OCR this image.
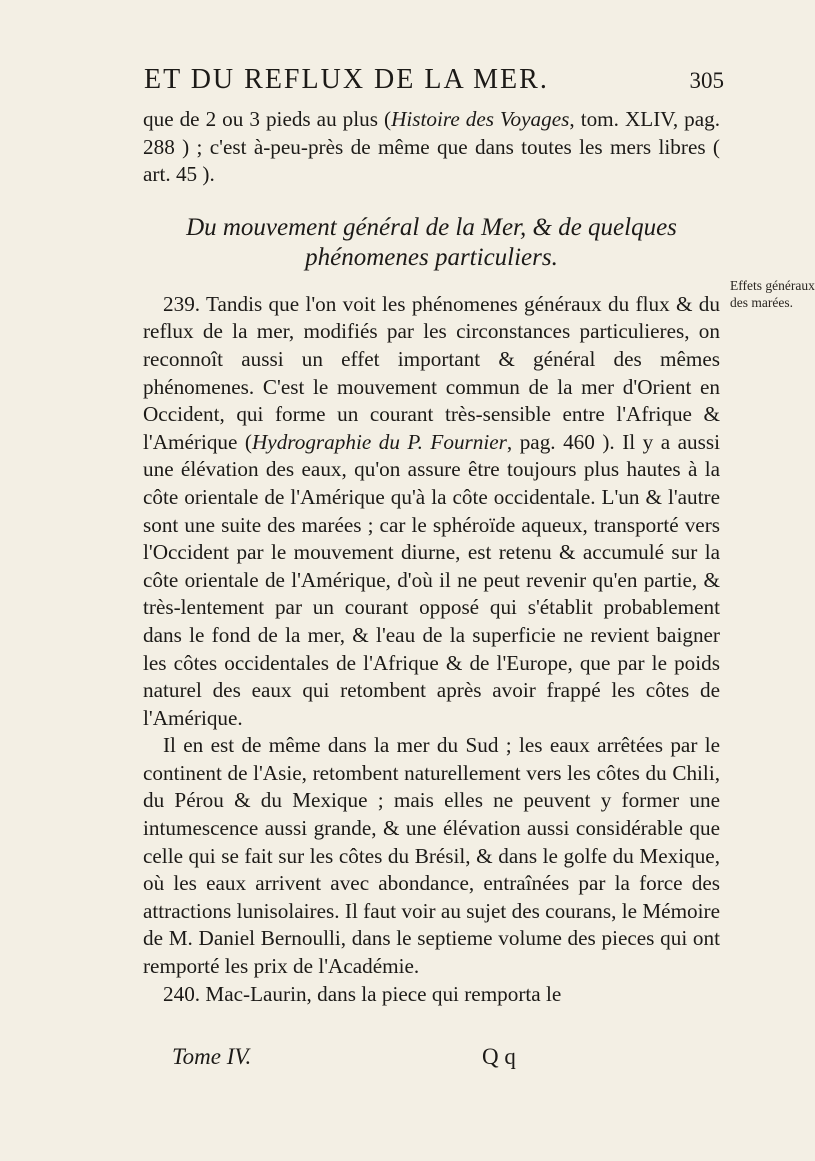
ET DU REFLUX DE LA MER.	305

que de 2 ou 3 pieds au plus (Histoire des Voyages, tom. XLIV, pag. 288 ) ; c'est à-peu-près de même que dans toutes les mers libres ( art. 45 ).

Du mouvement général de la Mer, & de quelques
phénomenes particuliers.

239. Tandis que l'on voit les phénomenes généraux du flux & du reflux de la mer, modifiés par les circonstances particulieres, on reconnoît aussi un effet important & général des mêmes phénomenes. C'est le mouvement commun de la mer d'Orient en Occident, qui forme un courant très-sensible entre l'Afrique & l'Amérique (Hydrographie du P. Fournier, pag. 460 ). Il y a aussi une élévation des eaux, qu'on assure être toujours plus hautes à la côte orientale de l'Amérique qu'à la côte occidentale. L'un & l'autre sont une suite des marées ; car le sphéroïde aqueux, transporté vers l'Occident par le mouvement diurne, est retenu & accumulé sur la côte orientale de l'Amérique, d'où il ne peut revenir qu'en partie, & très-lentement par un courant opposé qui s'établit probablement dans le fond de la mer, & l'eau de la superficie ne revient baigner les côtes occidentales de l'Afrique & de l'Europe, que par le poids naturel des eaux qui retombent après avoir frappé les côtes de l'Amérique.

Il en est de même dans la mer du Sud ; les eaux arrêtées par le continent de l'Asie, retombent naturellement vers les côtes du Chili, du Pérou & du Mexique ; mais elles ne peuvent y former une intumescence aussi grande, & une élévation aussi considérable que celle qui se fait sur les côtes du Brésil, & dans le golfe du Mexique, où les eaux arrivent avec abondance, entraînées par la force des attractions lunisolaires. Il faut voir au sujet des courans, le Mémoire de M. Daniel Bernoulli, dans le septieme volume des pieces qui ont remporté les prix de l'Académie.

240. Mac-Laurin, dans la piece qui remporta le

Effets généraux
des marées.
Tome IV.	Q q
